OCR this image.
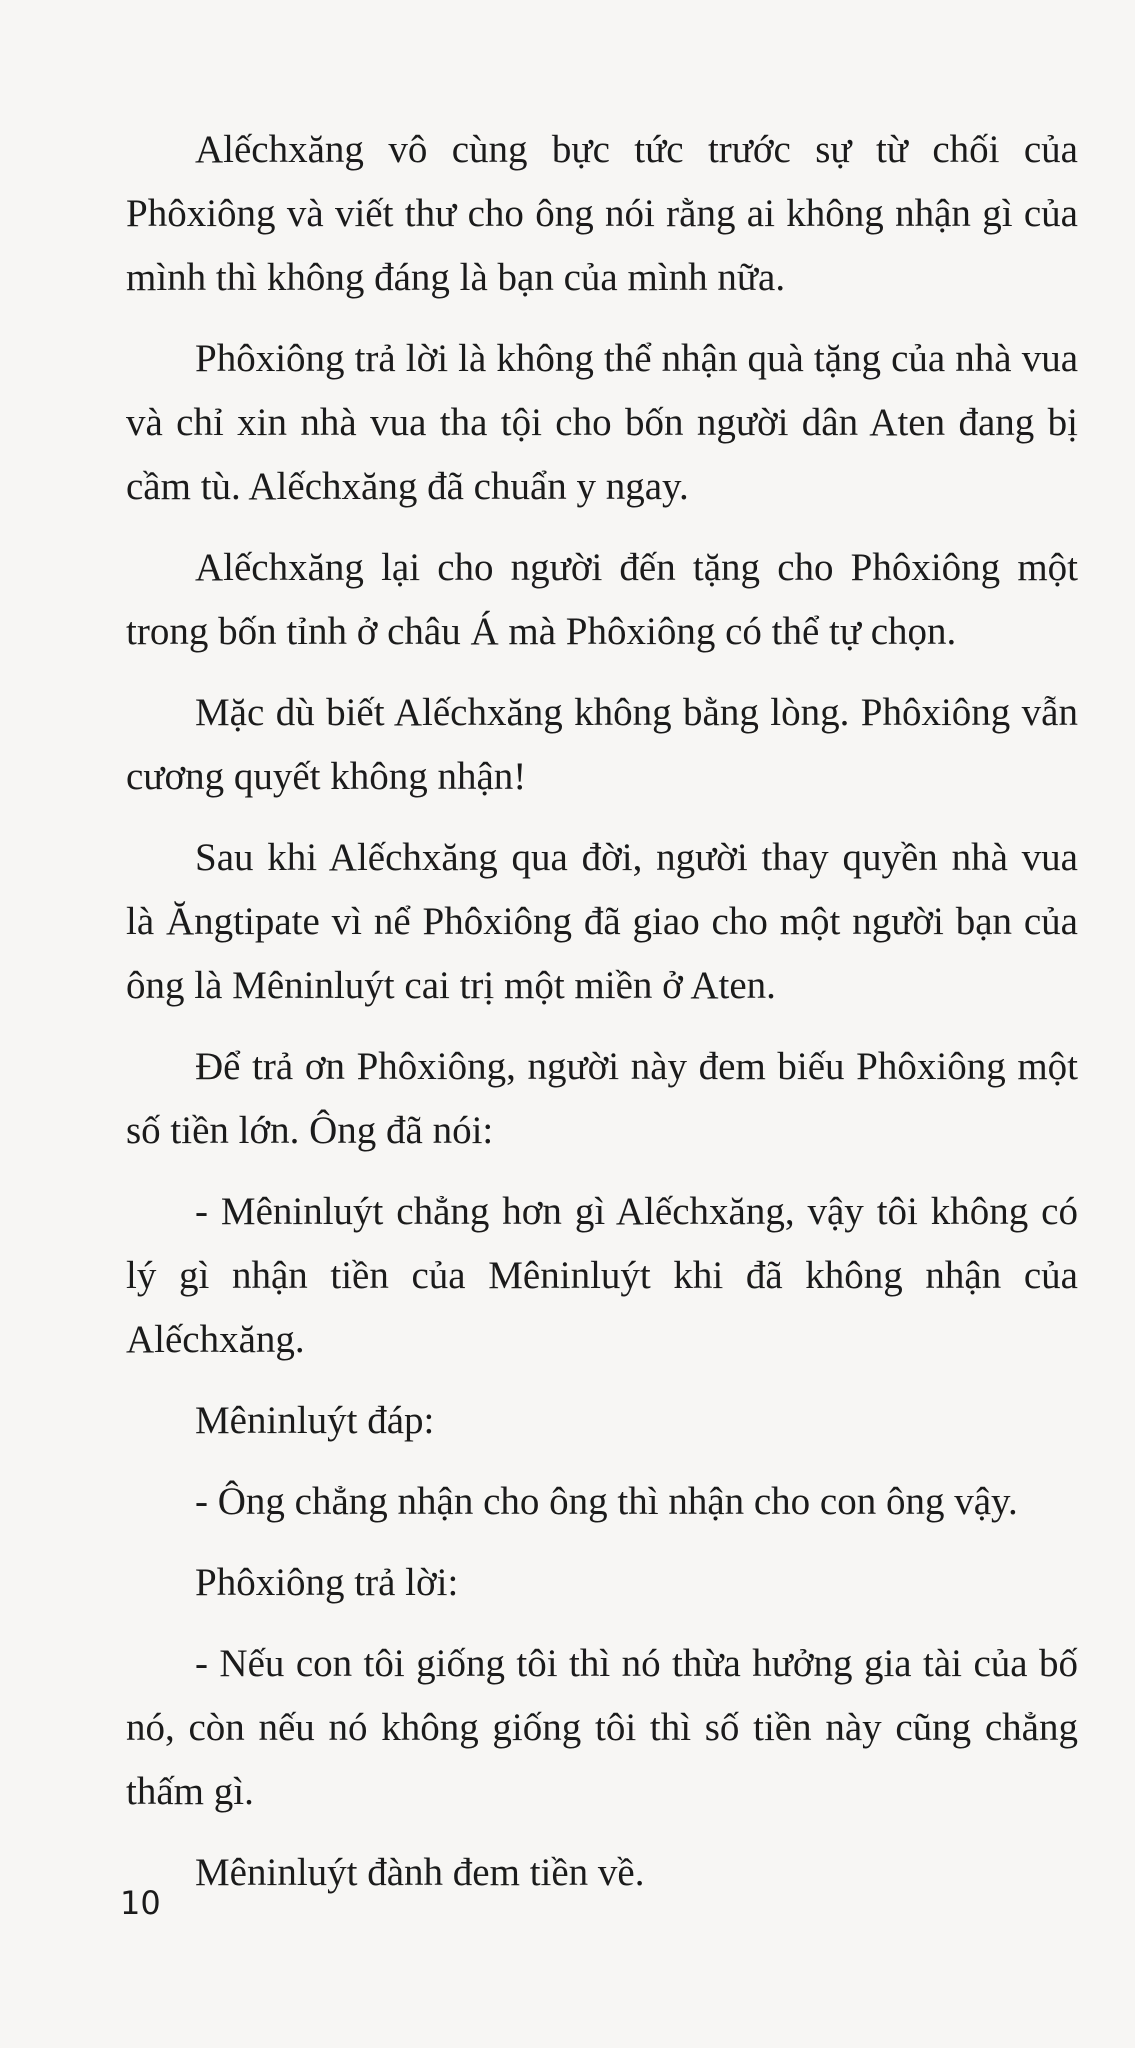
Alếchxăng vô cùng bực tức trước sự từ chối của Phôxiông và viết thư cho ông nói rằng ai không nhận gì của mình thì không đáng là bạn của mình nữa.

Phôxiông trả lời là không thể nhận quà tặng của nhà vua và chỉ xin nhà vua tha tội cho bốn người dân Aten đang bị cầm tù. Alếchxăng đã chuẩn y ngay.

Alếchxăng lại cho người đến tặng cho Phôxiông một trong bốn tỉnh ở châu Á mà Phôxiông có thể tự chọn.

Mặc dù biết Alếchxăng không bằng lòng. Phôxiông vẫn cương quyết không nhận!

Sau khi Alếchxăng qua đời, người thay quyền nhà vua là Ăngtipate vì nể Phôxiông đã giao cho một người bạn của ông là Mêninluýt cai trị một miền ở Aten.

Để trả ơn Phôxiông, người này đem biếu Phôxiông một số tiền lớn. Ông đã nói:

- Mêninluýt chẳng hơn gì Alếchxăng, vậy tôi không có lý gì nhận tiền của Mêninluýt khi đã không nhận của Alếchxăng.

Mêninluýt đáp:

- Ông chẳng nhận cho ông thì nhận cho con ông vậy.

Phôxiông trả lời:

- Nếu con tôi giống tôi thì nó thừa hưởng gia tài của bố nó, còn nếu nó không giống tôi thì số tiền này cũng chẳng thấm gì.

Mêninluýt đành đem tiền về.

10
